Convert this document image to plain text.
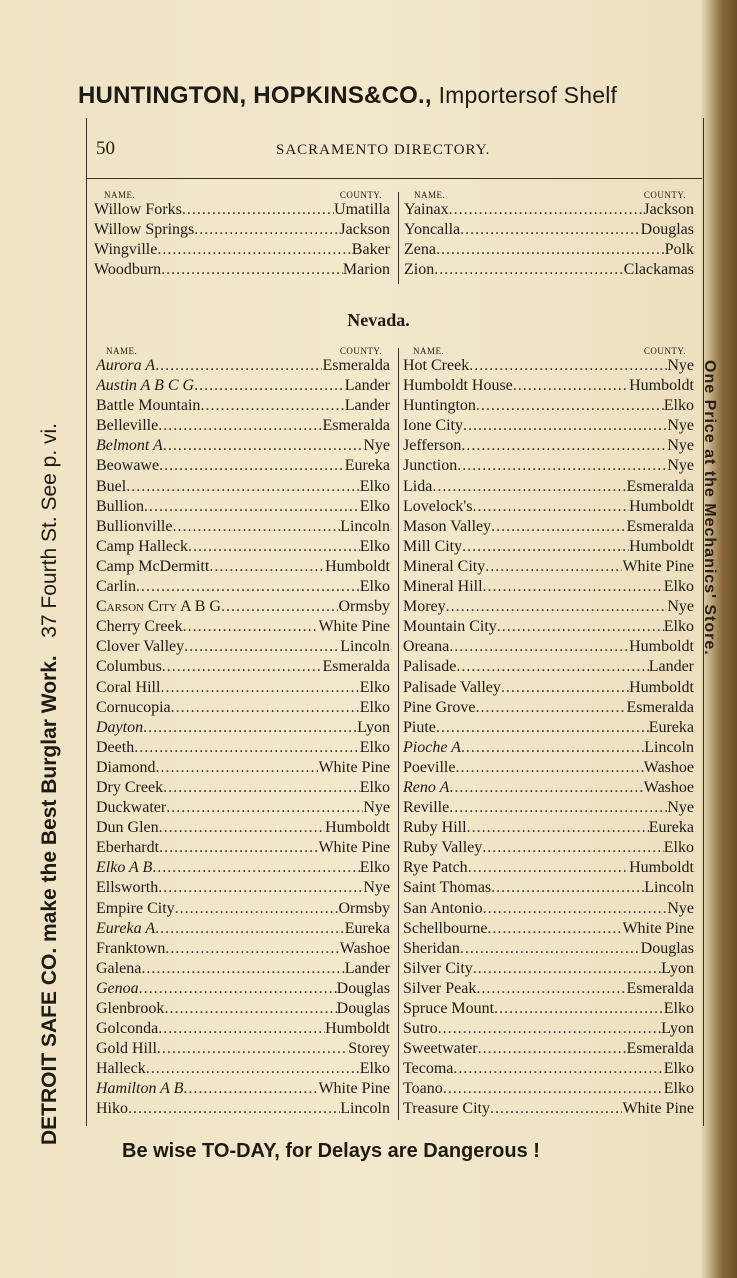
HUNTINGTON, HOPKINS&CO., Importersof Shelf
DETROIT SAFE CO. make the Best Burglar Work.   37 Fourth St. See p. vi.	One Price at the Mechanics' Store.
50	SACRAMENTO DIRECTORY.
NAME.	COUNTY.
Willow Forks .....	Umatilla
Willow Springs .....	Jackson
Wingville .....	Baker
Woodburn .....	Marion
NAME.	COUNTY.
Yainax .....	Jackson
Yoncalla .....	Douglas
Zena .....	Polk
Zion .....	Clackamas
Nevada.
NAME.	COUNTY.
Aurora A .....	Esmeralda
Austin A B C G .....	Lander
Battle Mountain .....	Lander
Belleville .....	Esmeralda
Belmont A .....	Nye
Beowawe .....	Eureka
Buel .....	Elko
Bullion .....	Elko
Bullionville .....	Lincoln
Camp Halleck .....	Elko
Camp McDermitt .....	Humboldt
Carlin .....	Elko
Carson City A B G .....	Ormsby
Cherry Creek .....	White Pine
Clover Valley .....	Lincoln
Columbus .....	Esmeralda
Coral Hill .....	Elko
Cornucopia .....	Elko
Dayton .....	Lyon
Deeth .....	Elko
Diamond .....	White Pine
Dry Creek .....	Elko
Duckwater .....	Nye
Dun Glen .....	Humboldt
Eberhardt .....	White Pine
Elko A B .....	Elko
Ellsworth .....	Nye
Empire City .....	Ormsby
Eureka A .....	Eureka
Franktown .....	Washoe
Galena .....	Lander
Genoa .....	Douglas
Glenbrook .....	Douglas
Golconda .....	Humboldt
Gold Hill .....	Storey
Halleck .....	Elko
Hamilton A B .....	White Pine
Hiko .....	Lincoln
NAME.	COUNTY.
Hot Creek .....	Nye
Humboldt House .....	Humboldt
Huntington .....	Elko
Ione City .....	Nye
Jefferson .....	Nye
Junction .....	Nye
Lida .....	Esmeralda
Lovelock's .....	Humboldt
Mason Valley .....	Esmeralda
Mill City .....	Humboldt
Mineral City .....	White Pine
Mineral Hill .....	Elko
Morey .....	Nye
Mountain City .....	Elko
Oreana .....	Humboldt
Palisade .....	Lander
Palisade Valley .....	Humboldt
Pine Grove .....	Esmeralda
Piute .....	Eureka
Pioche A .....	Lincoln
Poeville .....	Washoe
Reno A .....	Washoe
Reville .....	Nye
Ruby Hill .....	Eureka
Ruby Valley .....	Elko
Rye Patch .....	Humboldt
Saint Thomas .....	Lincoln
San Antonio .....	Nye
Schellbourne .....	White Pine
Sheridan .....	Douglas
Silver City .....	Lyon
Silver Peak .....	Esmeralda
Spruce Mount .....	Elko
Sutro .....	Lyon
Sweetwater .....	Esmeralda
Tecoma .....	Elko
Toano .....	Elko
Treasure City .....	White Pine
Be wise TO-DAY, for Delays are Dangerous !
